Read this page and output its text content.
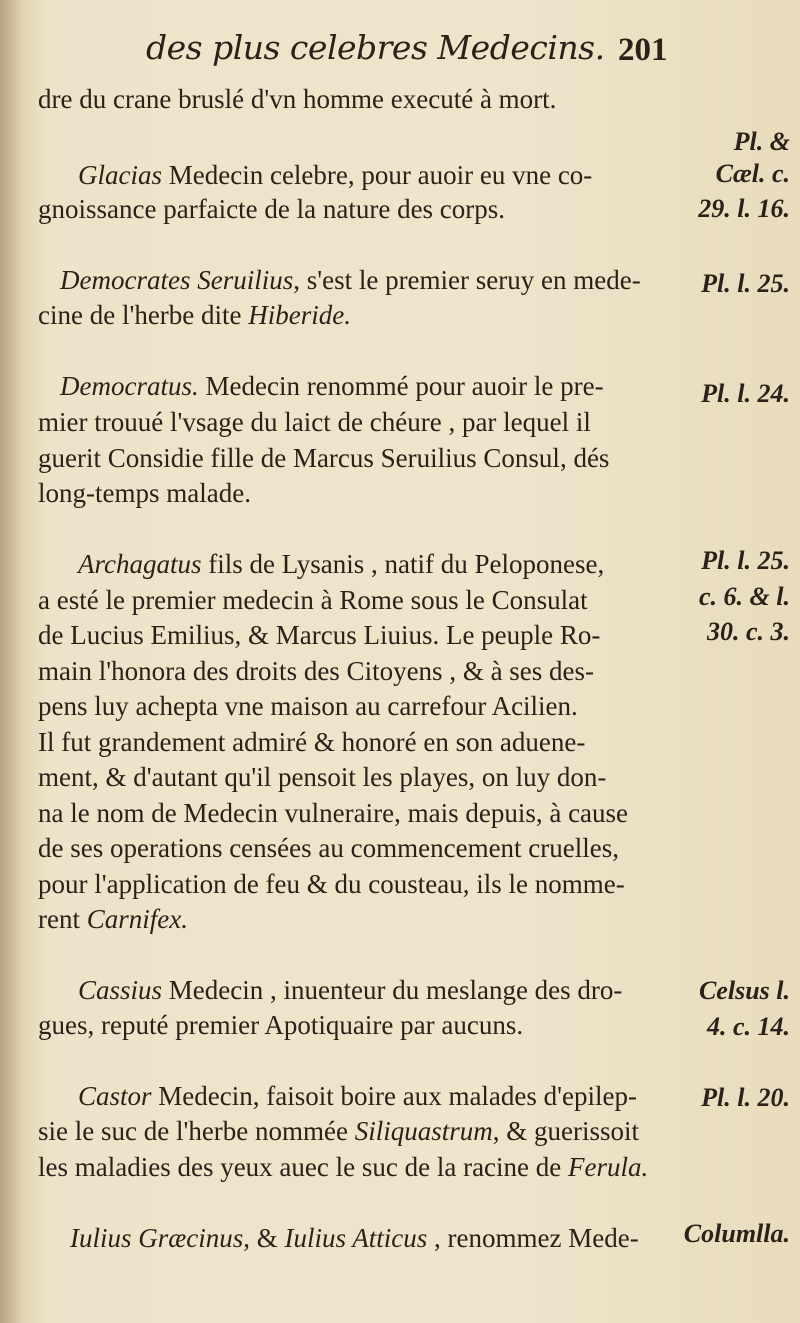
des plus celebres Medecins. 201
dre du crane bruslé d'vn homme executé à mort.
Glacias Medecin celebre, pour auoir eu vne co-
gnoissance parfaicte de la nature des corps.
Democrates Seruilius, s'est le premier seruy en mede-
cine de l'herbe dite Hiberide.
Democratus. Medecin renommé pour auoir le pre-
mier trouué l'vsage du laict de chéure , par lequel il
guerit Considie fille de Marcus Seruilius Consul, dés
long-temps malade.
Archagatus fils de Lysanis , natif du Peloponese,
a esté le premier medecin à Rome sous le Consulat
de Lucius Emilius, & Marcus Liuius. Le peuple Ro-
main l'honora des droits des Citoyens , & à ses des-
pens luy achepta vne maison au carrefour Acilien.
Il fut grandement admiré & honoré en son aduene-
ment, & d'autant qu'il pensoit les playes, on luy don-
na le nom de Medecin vulneraire, mais depuis, à cause
de ses operations censées au commencement cruelles,
pour l'application de feu & du cousteau, ils le nomme-
rent Carnifex.
Cassius Medecin , inuenteur du meslange des dro-
gues, reputé premier Apotiquaire par aucuns.
Castor Medecin, faisoit boire aux malades d'epilep-
sie le suc de l'herbe nommée Siliquastrum, & guerissoit
les maladies des yeux auec le suc de la racine de Ferula.
Iulius Græcinus, & Iulius Atticus , renommez Mede-
Pl. &
Cæl. c.
29. l. 16.
Pl. l. 25.
Pl. l. 24.
Pl. l. 25.
c. 6. & l.
30. c. 3.
Celsus l.
4. c. 14.
Pl. l. 20.
Columlla.
